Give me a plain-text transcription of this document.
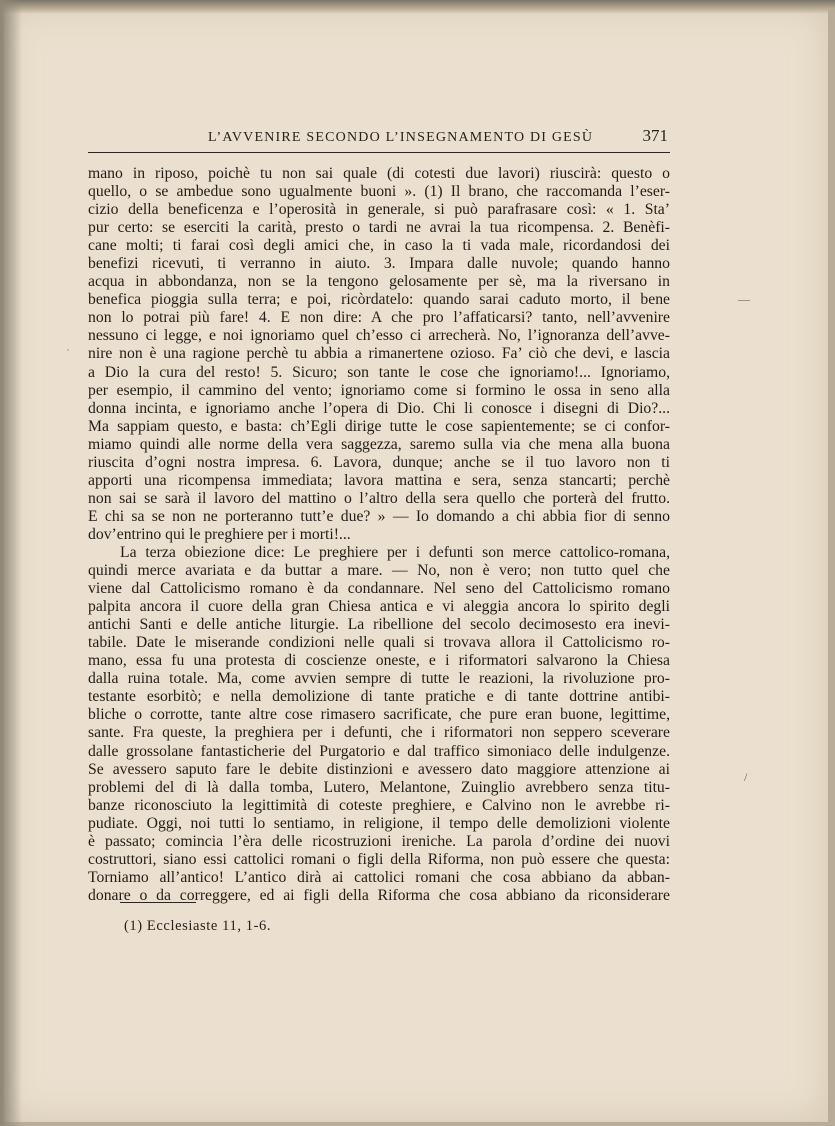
L’AVVENIRE SECONDO L’INSEGNAMENTO DI GESÙ	371
mano in riposo, poichè tu non sai quale (di cotesti due lavori) riuscirà: questo o
quello, o se ambedue sono ugualmente buoni ». (1) Il brano, che raccomanda l’eser-
cizio della beneficenza e l’operosità in generale, si può parafrasare così: « 1. Sta’
pur certo: se eserciti la carità, presto o tardi ne avrai la tua ricompensa. 2. Benèfi-
cane molti; ti farai così degli amici che, in caso la ti vada male, ricordandosi dei
benefizi ricevuti, ti verranno in aiuto. 3. Impara dalle nuvole; quando hanno
acqua in abbondanza, non se la tengono gelosamente per sè, ma la riversano in
benefica pioggia sulla terra; e poi, ricòrdatelo: quando sarai caduto morto, il bene
non lo potrai più fare! 4. E non dire: A che pro l’affaticarsi? tanto, nell’avvenire
nessuno ci legge, e noi ignoriamo quel ch’esso ci arrecherà. No, l’ignoranza dell’avve-
nire non è una ragione perchè tu abbia a rimanertene ozioso. Fa’ ciò che devi, e lascia
a Dio la cura del resto! 5. Sicuro; son tante le cose che ignoriamo!... Ignoriamo,
per esempio, il cammino del vento; ignoriamo come si formino le ossa in seno alla
donna incinta, e ignoriamo anche l’opera di Dio. Chi li conosce i disegni di Dio?...
Ma sappiam questo, e basta: ch’Egli dirige tutte le cose sapientemente; se ci confor-
miamo quindi alle norme della vera saggezza, saremo sulla via che mena alla buona
riuscita d’ogni nostra impresa. 6. Lavora, dunque; anche se il tuo lavoro non ti
apporti una ricompensa immediata; lavora mattina e sera, senza stancarti; perchè
non sai se sarà il lavoro del mattino o l’altro della sera quello che porterà del frutto.
E chi sa se non ne porteranno tutt’e due? » — Io domando a chi abbia fior di senno
dov’entrino qui le preghiere per i morti!...
La terza obiezione dice: Le preghiere per i defunti son merce cattolico-romana,
quindi merce avariata e da buttar a mare. — No, non è vero; non tutto quel che
viene dal Cattolicismo romano è da condannare. Nel seno del Cattolicismo romano
palpita ancora il cuore della gran Chiesa antica e vi aleggia ancora lo spirito degli
antichi Santi e delle antiche liturgie. La ribellione del secolo decimosesto era inevi-
tabile. Date le miserande condizioni nelle quali si trovava allora il Cattolicismo ro-
mano, essa fu una protesta di coscienze oneste, e i riformatori salvarono la Chiesa
dalla ruina totale. Ma, come avvien sempre di tutte le reazioni, la rivoluzione pro-
testante esorbitò; e nella demolizione di tante pratiche e di tante dottrine antibi-
bliche o corrotte, tante altre cose rimasero sacrificate, che pure eran buone, legittime,
sante. Fra queste, la preghiera per i defunti, che i riformatori non seppero sceverare
dalle grossolane fantasticherie del Purgatorio e dal traffico simoniaco delle indulgenze.
Se avessero saputo fare le debite distinzioni e avessero dato maggiore attenzione ai
problemi del di là dalla tomba, Lutero, Melantone, Zuinglio avrebbero senza titu-
banze riconosciuto la legittimità di coteste preghiere, e Calvino non le avrebbe ri-
pudiate. Oggi, noi tutti lo sentiamo, in religione, il tempo delle demolizioni violente
è passato; comincia l’èra delle ricostruzioni ireniche. La parola d’ordine dei nuovi
costruttori, siano essi cattolici romani o figli della Riforma, non può essere che questa:
Torniamo all’antico! L’antico dirà ai cattolici romani che cosa abbiano da abban-
donare o da correggere, ed ai figli della Riforma che cosa abbiano da riconsiderare
(1) Ecclesiaste 11, 1-6.
—
˙
/
